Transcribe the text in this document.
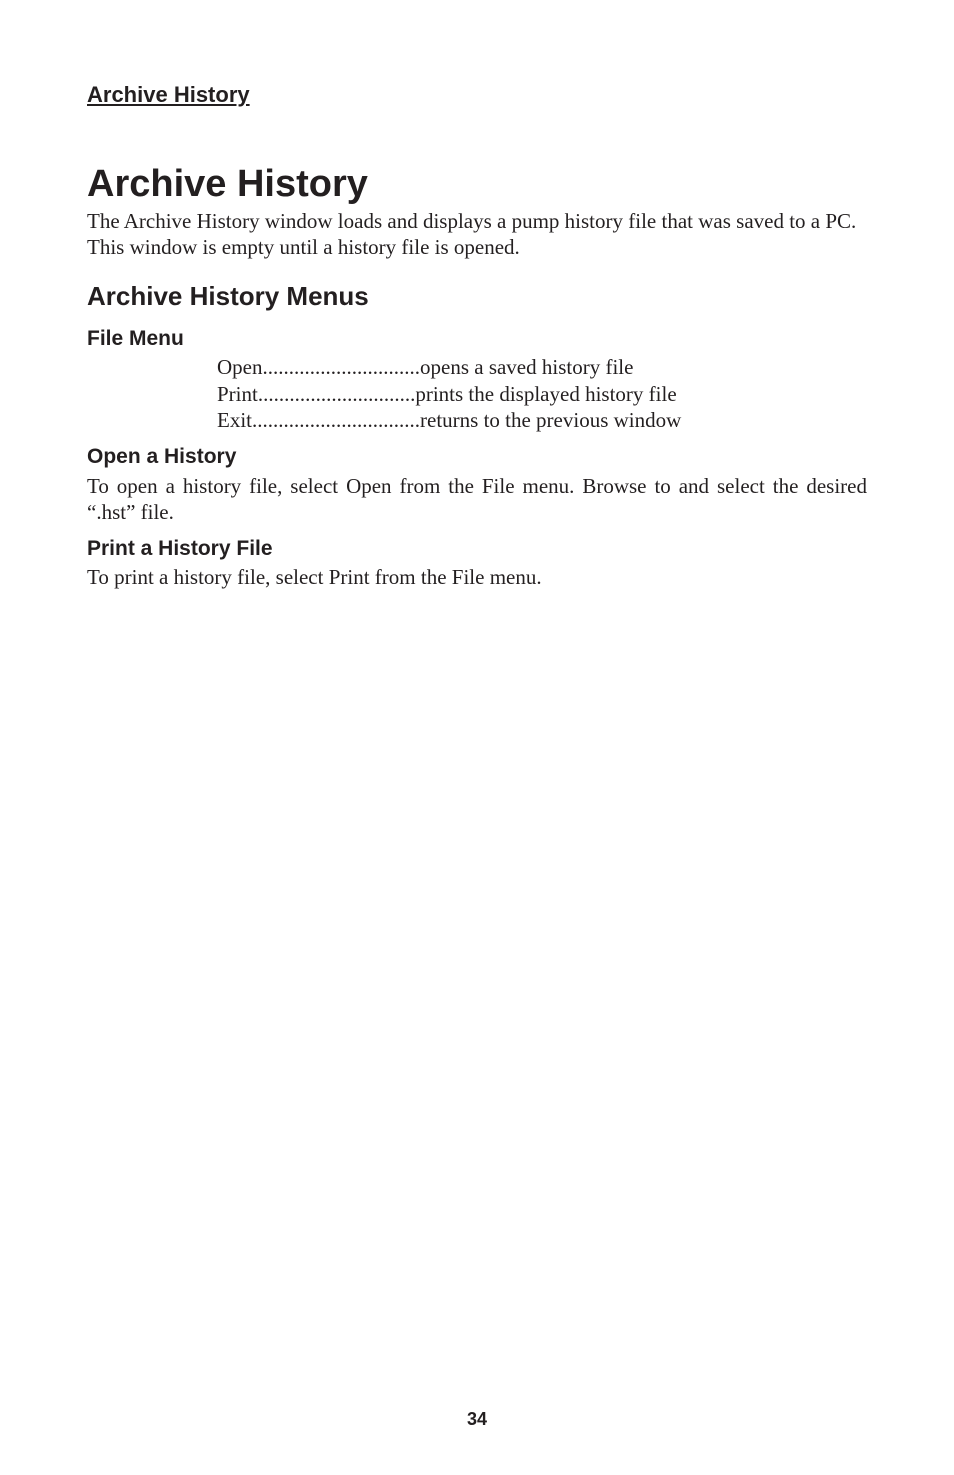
Archive History
Archive History

The Archive History window loads and displays a pump history file that was saved to a PC. This window is empty until a history file is opened.

Archive History Menus
File Menu
Open .............................. opens a saved history file
Print .............................. prints the displayed history file
Exit ................................ returns to the previous window
Open a History

To open a history file, select Open from the File menu. Browse to and select the desired “.hst” file.

Print a History File

To print a history file, select Print from the File menu.

34
